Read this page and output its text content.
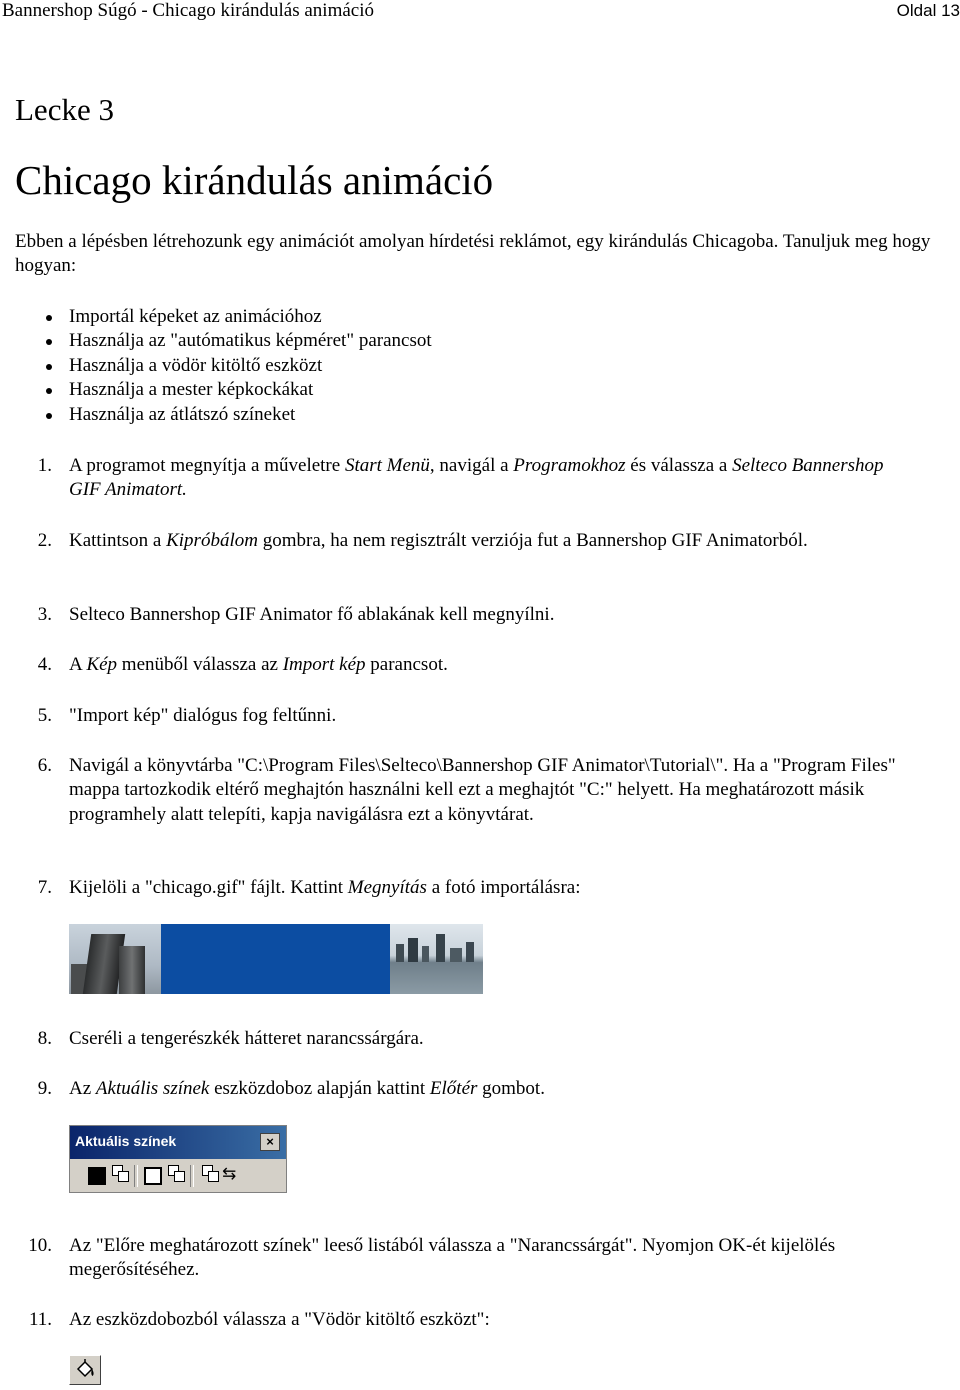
Bannershop Súgó - Chicago kirándulás animáció	Oldal 13
Lecke 3
Chicago kirándulás animáció

Ebben a lépésben létrehozunk egy animációt amolyan hírdetési reklámot, egy kirándulás Chicagoba. Tanuljuk meg hogy hogyan:

Importál képeket az animációhoz
Használja az "autómatikus képméret" parancsot
Használja a vödör kitöltő eszközt
Használja a mester képkockákat
Használja az átlátszó színeket
1. A programot megnyítja a műveletre Start Menü, navigál a Programokhoz és válassza a Selteco Bannershop GIF Animatort.
2. Kattintson a Kipróbálom gombra, ha nem regisztrált verziója fut a Bannershop GIF Animatorból.
3. Selteco Bannershop GIF Animator fő ablakának kell megnyílni.
4. A Kép menüből válassza az Import kép parancsot.
5. "Import kép" dialógus fog feltűnni.
6. Navigál a könyvtárba "C:\Program Files\Selteco\Bannershop GIF Animator\Tutorial\". Ha a "Program Files" mappa tartozkodik eltérő meghajtón használni kell ezt a meghajtót "C:" helyett. Ha meghatározott másik programhely alatt telepíti, kapja navigálásra ezt a könyvtárat.
7. Kijelöli a "chicago.gif" fájlt. Kattint Megnyítás a fotó importálásra:
8. Cseréli a tengerészkék hátteret narancssárgára.
9. Az Aktuális színek eszközdoboz alapján kattint Előtér gombot.
Aktuális színek	×
⇆
10. Az "Előre meghatározott színek" leeső listából válassza a "Narancssárgát". Nyomjon OK-ét kijelölés megerősítéséhez.
11. Az eszközdobozból válassza a "Vödör kitöltő eszközt":
